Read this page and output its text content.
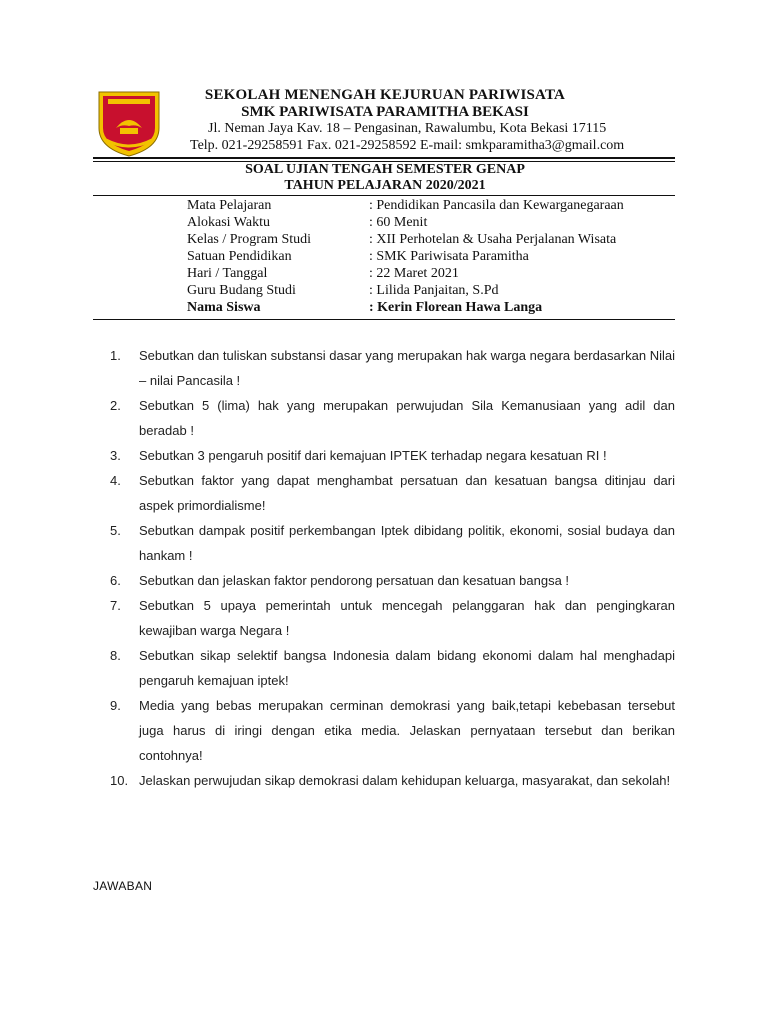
SEKOLAH MENENGAH KEJURUAN PARIWISATA
SMK PARIWISATA PARAMITHA BEKASI
Jl. Neman Jaya Kav. 18 – Pengasinan, Rawalumbu, Kota Bekasi 17115
Telp. 021-29258591 Fax. 021-29258592 E-mail: smkparamitha3@gmail.com
SOAL UJIAN TENGAH SEMESTER GENAP
TAHUN PELAJARAN 2020/2021
Mata Pelajaran	: Pendidikan Pancasila dan Kewarganegaraan
Alokasi Waktu	: 60 Menit
Kelas / Program Studi	: XII Perhotelan & Usaha Perjalanan Wisata
Satuan Pendidikan	: SMK Pariwisata Paramitha
Hari / Tanggal	: 22 Maret 2021
Guru Budang Studi	: Lilida Panjaitan, S.Pd
Nama Siswa	: Kerin Florean Hawa Langa
1. Sebutkan dan tuliskan substansi dasar yang merupakan hak warga negara berdasarkan Nilai – nilai Pancasila !
2. Sebutkan 5 (lima) hak yang merupakan perwujudan Sila Kemanusiaan yang adil dan beradab !
3. Sebutkan 3 pengaruh positif dari kemajuan IPTEK terhadap negara kesatuan RI !
4. Sebutkan faktor yang dapat menghambat persatuan dan kesatuan bangsa ditinjau dari aspek primordialisme!
5. Sebutkan dampak positif perkembangan Iptek dibidang politik, ekonomi, sosial budaya dan hankam !
6. Sebutkan dan jelaskan faktor pendorong persatuan dan kesatuan bangsa !
7. Sebutkan 5 upaya pemerintah untuk mencegah pelanggaran hak dan pengingkaran kewajiban warga Negara !
8. Sebutkan sikap selektif bangsa Indonesia dalam bidang ekonomi dalam hal menghadapi pengaruh kemajuan iptek!
9. Media yang bebas merupakan cerminan demokrasi yang baik,tetapi kebebasan tersebut juga harus di iringi dengan etika media. Jelaskan pernyataan tersebut dan berikan contohnya!
10. Jelaskan perwujudan sikap demokrasi dalam kehidupan keluarga, masyarakat, dan sekolah!
JAWABAN
